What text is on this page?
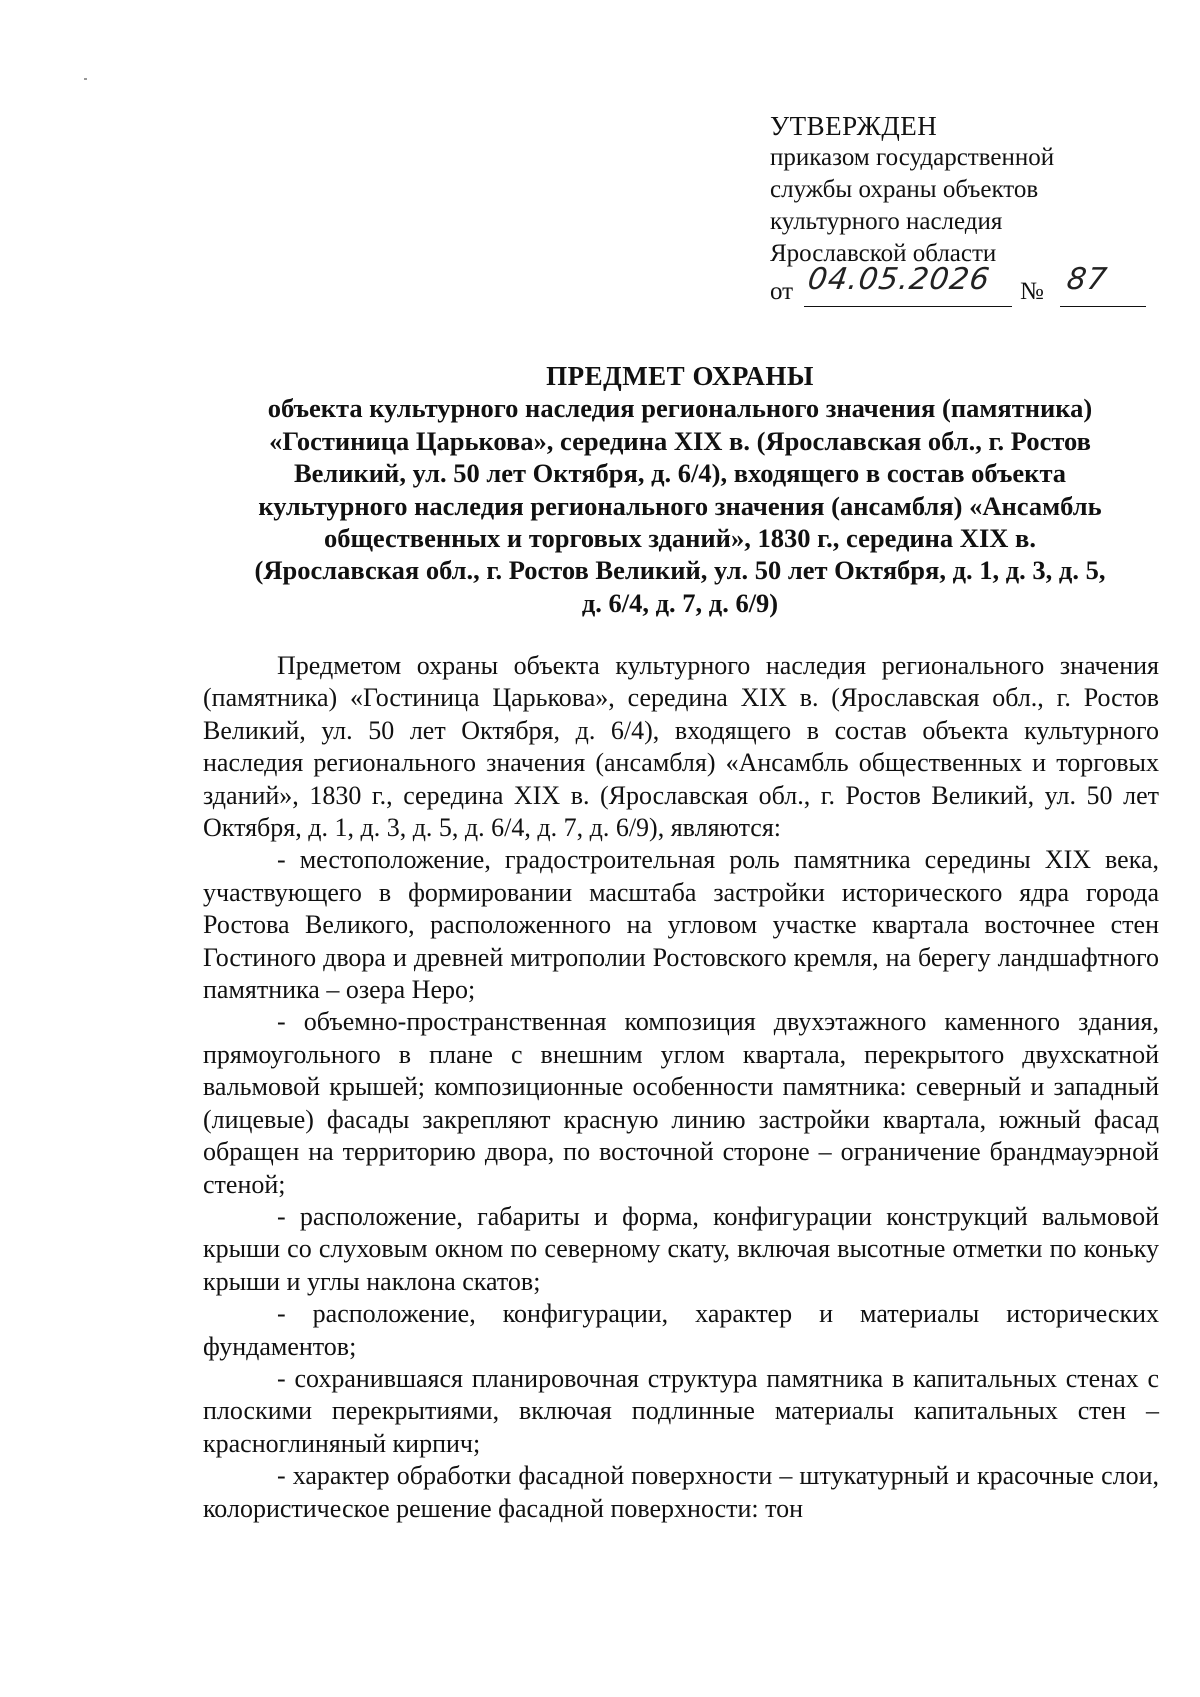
УТВЕРЖДЕН
приказом государственной
службы охраны объектов
культурного наследия
Ярославской области
от 04.05.2026 № 87
ПРЕДМЕТ ОХРАНЫ
объекта культурного наследия регионального значения (памятника)
«Гостиница Царькова», середина XIX в. (Ярославская обл., г. Ростов
Великий, ул. 50 лет Октября, д. 6/4), входящего в состав объекта
культурного наследия регионального значения (ансамбля) «Ансамбль
общественных и торговых зданий», 1830 г., середина XIX в.
(Ярославская обл., г. Ростов Великий, ул. 50 лет Октября, д. 1, д. 3, д. 5,
д. 6/4, д. 7, д. 6/9)

Предметом охраны объекта культурного наследия регионального значения (памятника) «Гостиница Царькова», середина XIX в. (Ярославская обл., г. Ростов Великий, ул. 50 лет Октября, д. 6/4), входящего в состав объекта культурного наследия регионального значения (ансамбля) «Ансамбль общественных и торговых зданий», 1830 г., середина XIX в. (Ярославская обл., г. Ростов Великий, ул. 50 лет Октября, д. 1, д. 3, д. 5, д. 6/4, д. 7, д. 6/9), являются:

- местоположение, градостроительная роль памятника середины XIX века, участвующего в формировании масштаба застройки исторического ядра города Ростова Великого, расположенного на угловом участке квартала восточнее стен Гостиного двора и древней митрополии Ростовского кремля, на берегу ландшафтного памятника – озера Неро;

- объемно-пространственная композиция двухэтажного каменного здания, прямоугольного в плане с внешним углом квартала, перекрытого двухскатной вальмовой крышей; композиционные особенности памятника: северный и западный (лицевые) фасады закрепляют красную линию застройки квартала, южный фасад обращен на территорию двора, по восточной стороне – ограничение брандмауэрной стеной;

- расположение, габариты и форма, конфигурации конструкций вальмовой крыши со слуховым окном по северному скату, включая высотные отметки по коньку крыши и углы наклона скатов;

- расположение, конфигурации, характер и материалы исторических фундаментов;

- сохранившаяся планировочная структура памятника в капитальных стенах с плоскими перекрытиями, включая подлинные материалы капитальных стен – красноглиняный кирпич;

- характер обработки фасадной поверхности – штукатурный и красочные слои, колористическое решение фасадной поверхности: тон
